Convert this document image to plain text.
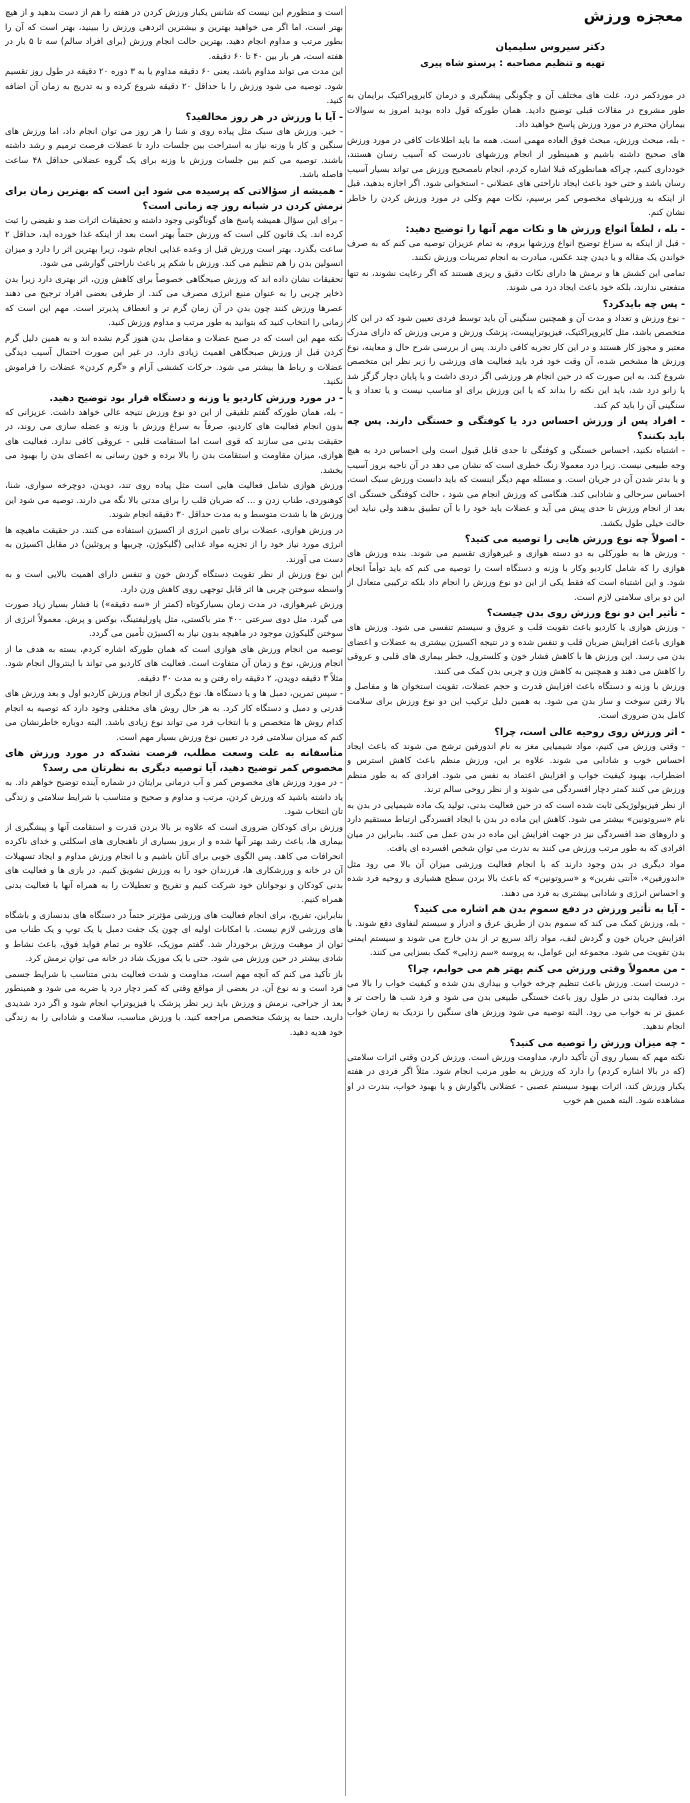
معجزه ورزش
دکتر سیروس سلیمیان
تهیه و تنظیم مصاحبه : پرستو شاه پیری

در موردکمر درد، علت های مختلف آن و چگونگی پیشگیری و درمان کایروپراکتیک برایمان به طور مشروح در مقالات قبلی توضیح دادید. همان طورکه قول داده بودید امروز به سوالات بیماران محترم در مورد ورزش پاسخ خواهید داد.

- بله، مبحث ورزش، مبحث فوق العاده مهمی است. همه ما باید اطلاعات کافی در مورد ورزش های صحیح داشته باشیم و همینطور از انجام ورزشهای نادرست که آسیب رسان هستند، خودداری کنیم، چراکه همانطورکه قبلا اشاره کردم، انجام نامصحیح ورزش می تواند بسیار آسیب رسان باشد و حتی خود باعث ایجاد ناراحتی های عضلانی - استخوانی شود. اگر اجازه بدهید، قبل از اینکه به ورزشهای مخصوص کمر برسیم، نکات مهم وکلی در مورد ورزش کردن را خاطر نشان کنم.

- بله ، لطفاً انواع ورزش ها و نکات مهم آنها را توضیح دهید:

- قبل از اینکه به سراغ توضیح انواع ورزشها بروم، به تمام عزیزان توصیه می کنم که به صرف خواندن یک مقاله و یا دیدن چند عکس، مبادرت به انجام تمرینات ورزش نکنند.

تمامی این کشش ها و نرمش ها دارای نکات دقیق و ریزی هستند که اگر رعایت نشوند، نه تنها منفعتی ندارند، بلکه خود باعث ایجاد درد می شوند.

- پس چه بایدکرد؟

- نوع ورزش و تعداد و مدت آن و همچنین سنگینی آن باید توسط فردی تعیین شود که در این کار متخصص باشد، مثل کایروپراکتیک، فیزیوتراپیست، پزشک ورزش و مربی ورزش که دارای مدرک معتبر و مجوز کار هستند و در این کار تجربه کافی دارند. پس از بررسی شرح حال و معاینه، نوع ورزش ها مشخص شده، آن وقت خود فرد باید فعالیت های ورزشی را زیر نظر این متخصص شروع کند. به این صورت که در حین انجام هر ورزشی اگر دردی داشت و یا پایان دچار گزگز شد یا زانو درد شد، باید این نکته را بداند که یا این ورزش برای او مناسب نیست و یا تعداد و یا سنگینی آن را باید کم کند.

- افراد پس از ورزش احساس درد یا کوفتگی و خستگی دارند. پس چه باید بکنند؟

- اشتباه نکنید، احساس خستگی و کوفتگی تا حدی قابل قبول است ولی احساس درد به هیچ وجه طبیعی نیست. زیرا درد معمولا زنگ خطری است که نشان می دهد در آن ناحیه بروز آسیب و یا بدتر شدن آن در جریان است. و مسئله مهم دیگر اینست که باید دانست ورزش سبک است، احساس سرحالی و شادابی کند. هنگامی که ورزش انجام می شود ، حالت کوفتگی خستگی ای بعد از انجام ورزش تا حدی پیش می آید و عضلات باید خود را با آن تطبیق بدهند ولی نباید این حالت خیلی طول بکشد.

- اصولاً چه نوع ورزش هایی را توصیه می کنید؟

- ورزش ها به طورکلی به دو دسته هوازی و غیرهوازی تقسیم می شوند. بنده ورزش های هوازی را که شامل کاردیو وکار با وزنه و دستگاه است را توصیه می کنم که باید توأماً انجام شود. و این اشتباه است که فقط یکی از این دو نوع ورزش را انجام داد بلکه ترکیبی متعادل از این دو برای سلامتی لازم است.

- تأثیر این دو نوع ورزش روی بدن چیست؟

- ورزش هوازی یا کاردیو باعث تقویت قلب و عروق و سیستم تنفسی می شود. ورزش های هوازی باعث افزایش ضربان قلب و تنفس شده و در نتیجه اکسیژن بیشتری به عضلات و اعضای بدن می رسد. این ورزش ها با کاهش فشار خون و کلسترول، خطر بیماری های قلبی و عروقی را کاهش می دهند و همچنین به کاهش وزن و چربی بدن کمک می کنند.

ورزش با وزنه و دستگاه باعث افزایش قدرت و حجم عضلات، تقویت استخوان ها و مفاصل و بالا رفتن سوخت و ساز بدن می شود. به همین دلیل ترکیب این دو نوع ورزش برای سلامت کامل بدن ضروری است.

- اثر ورزش روی روحیه عالی است، چرا؟

- وقتی ورزش می کنیم، مواد شیمیایی مغز به نام اندورفین ترشح می شوند که باعث ایجاد احساس خوب و شادابی می شوند. علاوه بر این، ورزش منظم باعث کاهش استرس و اضطراب، بهبود کیفیت خواب و افزایش اعتماد به نفس می شود. افرادی که به طور منظم ورزش می کنند کمتر دچار افسردگی می شوند و از نظر روحی سالم ترند.

از نظر فیزیولوژیکی ثابت شده است که در حین فعالیت بدنی، تولید یک ماده شیمیایی در بدن به نام «سروتونین» بیشتر می شود. کاهش این ماده در بدن با ایجاد افسردگی ارتباط مستقیم دارد و داروهای ضد افسردگی نیز در جهت افزایش این ماده در بدن عمل می کنند. بنابراین در میان افرادی که به طور مرتب ورزش می کنند به ندرت می توان شخص افسرده ای یافت.

مواد دیگری در بدن وجود دارند که با انجام فعالیت ورزشی میزان آن بالا می رود مثل «اندورفین»، «آنتی نفرین» و «سروتونین» که باعث بالا بردن سطح هشیاری و روحیه فرد شده و احساس انرژی و شادابی بیشتری به فرد می دهند.

- آیا به تأثیر ورزش در دفع سموم بدن هم اشاره می کنید؟

- بله، ورزش کمک می کند که سموم بدن از طریق عرق و ادرار و سیستم لنفاوی دفع شوند. با افزایش جریان خون و گردش لنف، مواد زائد سریع تر از بدن خارج می شوند و سیستم ایمنی بدن تقویت می شود. مجموعه این عوامل، به پروسه «سم زدایی» کمک بسزایی می کنند.

- من معمولاً وقتی ورزش می کنم بهتر هم می خوابم، چرا؟

- درست است. ورزش باعث تنظیم چرخه خواب و بیداری بدن شده و کیفیت خواب را بالا می برد. فعالیت بدنی در طول روز باعث خستگی طبیعی بدن می شود و فرد شب ها راحت تر و عمیق تر به خواب می رود. البته توصیه می شود ورزش های سنگین را نزدیک به زمان خواب انجام ندهید.

- چه میزان ورزش را توصیه می کنید؟

نکته مهم که بسیار روی آن تأکید دارم، مداومت ورزش است. ورزش کردن وقتی اثرات سلامتی (که در بالا اشاره کردم) را دارد که ورزش به طور مرتب انجام شود. مثلاً اگر فردی در هفته یکبار ورزش کند، اثرات بهبود سیستم عصبی - عضلانی یاگوارش و یا بهبود خواب، بندرت در او مشاهده شود. البته همین هم خوب

است و منظورم این نیست که شانس یکبار ورزش کردن در هفته را هم از دست بدهید و از هیچ بهتر است، اما اگر می خواهید بهترین و بیشترین اثردهی ورزش را ببینید، بهتر است که آن را بطور مرتب و مداوم انجام دهید. بهترین حالت انجام ورزش (برای افراد سالم) سه تا ۵ بار در هفته است، هر بار بین ۴۰ تا ۶۰ دقیقه.

این مدت می تواند مداوم باشد، یعنی ۶۰ دقیقه مداوم یا به ۳ دوره ۲۰ دقیقه در طول روز تقسیم شود. توصیه می شود ورزش را با حداقل ۲۰ دقیقه شروع کرده و به تدریج به زمان آن اضافه کنید.

- آیا با ورزش در هر روز مخالفید؟

- خیر. ورزش های سبک مثل پیاده روی و شنا را هر روز می توان انجام داد، اما ورزش های سنگین و کار با وزنه نیاز به استراحت بین جلسات دارد تا عضلات فرصت ترمیم و رشد داشته باشند. توصیه می کنم بین جلسات ورزش با وزنه برای یک گروه عضلانی حداقل ۴۸ ساعت فاصله باشد.

- همیشه از سؤالاتی که پرسیده می شود این است که بهترین زمان برای نرمش کردن در شبانه روز چه زمانی است؟

- برای این سؤال همیشه پاسخ های گوناگونی وجود داشته و تحقیقات اثرات ضد و نقیضی را ثبت کرده اند. یک قانون کلی است که ورزش حتماً بهتر است بعد از اینکه غذا خورده اید، حداقل ۲ ساعت بگذرد. بهتر است ورزش قبل از وعده غذایی انجام شود، زیرا بهترین اثر را دارد و میزان انسولین بدن را هم تنظیم می کند. ورزش با شکم پر باعث ناراحتی گوارشی می شود.

تحقیقات نشان داده اند که ورزش صبحگاهی خصوصاً برای کاهش وزن، اثر بهتری دارد زیرا بدن ذخایر چربی را به عنوان منبع انرژی مصرف می کند. از طرفی بعضی افراد ترجیح می دهند عصرها ورزش کنند چون بدن در آن زمان گرم تر و انعطاف پذیرتر است. مهم این است که زمانی را انتخاب کنید که بتوانید به طور مرتب و مداوم ورزش کنید.

نکته مهم این است که در صبح عضلات و مفاصل بدن هنوز گرم نشده اند و به همین دلیل گرم کردن قبل از ورزش صبحگاهی اهمیت زیادی دارد. در غیر این صورت احتمال آسیب دیدگی عضلات و رباط ها بیشتر می شود. حرکات کششی آرام و «گرم کردن» عضلات را فراموش نکنید.

- در مورد ورزش کاردیو یا وزنه و دستگاه قرار بود توضیح دهید.

- بله، همان طورکه گفتم تلفیقی از این دو نوع ورزش نتیجه عالی خواهد داشت. عزیزانی که بدون انجام فعالیت های کاردیو، صرفاً به سراغ ورزش با وزنه و عضله سازی می روند، در حقیقت بدنی می سازند که قوی است اما استقامت قلبی - عروقی کافی ندارد. فعالیت های هوازی، میزان مقاومت و استقامت بدن را بالا برده و خون رسانی به اعضای بدن را بهبود می بخشد.

ورزش هوازی شامل فعالیت هایی است مثل پیاده روی تند، دویدن، دوچرخه سواری، شنا، کوهنوردی، طناب زدن و ... که ضربان قلب را برای مدتی بالا نگه می دارند. توصیه می شود این ورزش ها با شدت متوسط و به مدت حداقل ۳۰ دقیقه انجام شوند.

در ورزش هوازی، عضلات برای تامین انرژی از اکسیژن استفاده می کنند. در حقیقت ماهیچه ها انرژی مورد نیاز خود را از تجزیه مواد غذایی (گلیکوژن، چربیها و پروتئین) در مقابل اکسیژن به دست می آورند.

این نوع ورزش از نظر تقویت دستگاه گردش خون و تنفس دارای اهمیت بالایی است و به واسطه سوختن چربی ها اثر قابل توجهی روی کاهش وزن دارد.

ورزش غیرهوازی، در مدت زمان بسیارکوتاه (کمتر از «سه دقیقه») با فشار بسیار زیاد صورت می گیرد. مثل دوی سرعتی ۴۰۰ متر باکستی، مثل پاورلیفتینگ، بوکس و پرش. معمولاً انرژی از سوختن گلیکوژن موجود در ماهیچه بدون نیاز به اکسیژن تأمین می گردد.

توصیه من انجام ورزش های هوازی است که همان طورکه اشاره کردم، بسته به هدف ما از انجام ورزش، نوع و زمان آن متفاوت است. فعالیت های کاردیو می تواند با اینتروال انجام شود. مثلاً ۳ دقیقه دویدن، ۲ دقیقه راه رفتن و به مدت ۳۰ دقیقه.

- سپس تمرین، دمبل ها و یا دستگاه ها. نوع دیگری از انجام ورزش کاردیو اول و بعد ورزش های قدرتی و دمبل و دستگاه کار کرد. به هر حال روش های مختلفی وجود دارد که توصیه به انجام کدام روش ها متخصص و با انتخاب فرد می تواند نوع زیادی باشد. البته دوباره خاطرنشان می کنم که میزان سلامتی فرد در تعیین نوع ورزش بسیار مهم است.

متأسفانه به علت وسعت مطلب، فرصت نشدکه در مورد ورزش های مخصوص کمر توضیح دهید، آیا توصیه دیگری به نظرتان می رسد؟

- در مورد ورزش های مخصوص کمر و آب درمانی برایتان در شماره آینده توضیح خواهم داد. به یاد داشته باشید که ورزش کردن، مرتب و مداوم و صحیح و متناسب با شرایط سلامتی و زندگی تان انتخاب شود.

ورزش برای کودکان ضروری است که علاوه بر بالا بردن قدرت و استقامت آنها و پیشگیری از بیماری ها، باعث رشد بهتر آنها شده و از بروز بسیاری از ناهنجاری های اسکلتی و خدای ناکرده انحرافات می کاهد. پس الگوی خوبی برای آنان باشیم و با انجام ورزش مداوم و ایجاد تسهیلات آن در خانه و ورزشکاری ها، فرزندان خود را به ورزش تشویق کنیم. در بازی ها و فعالیت های بدنی کودکان و نوجوانان خود شرکت کنیم و تفریح و تعطیلات را به همراه آنها با فعالیت بدنی همراه کنیم.

بنابراین، تفریح، برای انجام فعالیت های ورزشی مؤثرتر حتماً در دستگاه های بدنسازی و باشگاه های ورزشی لازم نیست. با امکانات اولیه ای چون یک جفت دمبل یا یک توپ و یک طناب می توان از موهبت ورزش برخوردار شد. گفتم موزیک، علاوه بر تمام فواید فوق، باعث نشاط و شادی بیشتر در حین ورزش می شود. حتی با یک موزیک شاد در خانه می توان نرمش کرد.

باز تأکید می کنم که آنچه مهم است، مداومت و شدت فعالیت بدنی متناسب با شرایط جسمی فرد است و نه نوع آن. در بعضی از مواقع وقتی که کمر دچار درد یا ضربه می شود و همینطور بعد از جراحی، نرمش و ورزش باید زیر نظر پزشک یا فیزیوتراپ انجام شود و اگر درد شدیدی دارید، حتما به پزشک متخصص مراجعه کنید. با ورزش مناسب، سلامت و شادابی را به زندگی خود هدیه دهید.
